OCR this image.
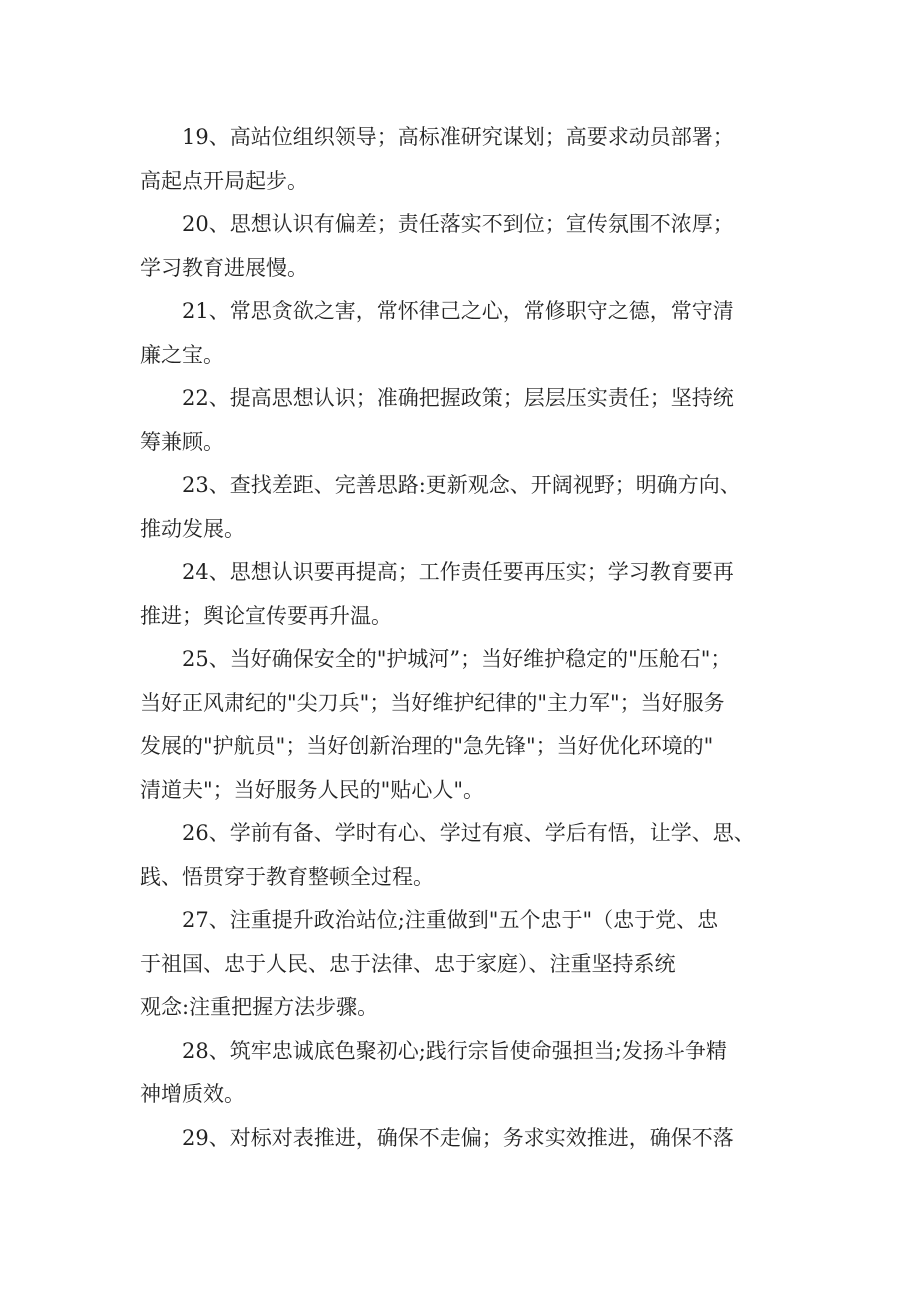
19、高站位组织领导；高标准研究谋划；高要求动员部署；
高起点开局起步。

20、思想认识有偏差；责任落实不到位；宣传氛围不浓厚；
学习教育进展慢。

21、常思贪欲之害，常怀律己之心，常修职守之德，常守清
廉之宝。

22、提高思想认识；准确把握政策；层层压实责任；坚持统
筹兼顾。

23、查找差距、完善思路:更新观念、开阔视野；明确方向、
推动发展。

24、思想认识要再提高；工作责任要再压实；学习教育要再
推进；舆论宣传要再升温。

25、当好确保安全的"护城河”；当好维护稳定的"压舱石"；
当好正风肃纪的"尖刀兵"；当好维护纪律的"主力军"；当好服务
发展的"护航员"；当好创新治理的"急先锋"；当好优化环境的"
清道夫"；当好服务人民的"贴心人"。

26、学前有备、学时有心、学过有痕、学后有悟，让学、思、
践、悟贯穿于教育整顿全过程。

27、注重提升政治站位;注重做到"五个忠于"（忠于党、忠
于祖国、忠于人民、忠于法律、忠于家庭）、注重坚持系统
观念:注重把握方法步骤。

28、筑牢忠诚底色聚初心;践行宗旨使命强担当;发扬斗争精
神增质效。

29、对标对表推进，确保不走偏；务求实效推进，确保不落
